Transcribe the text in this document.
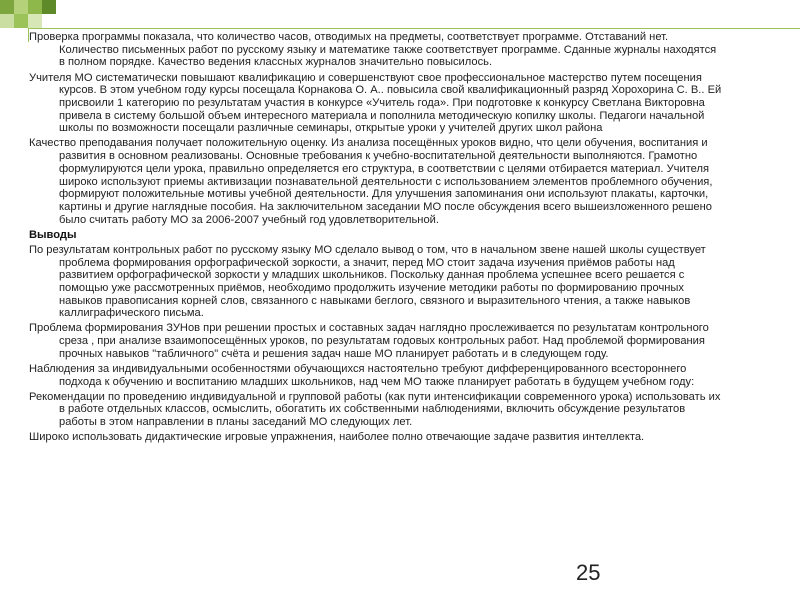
Проверка программы показала, что количество часов, отводимых на предметы, соответствует программе. Отставаний нет. Количество письменных работ по русскому языку и математике также соответствует программе. Сданные журналы находятся в полном порядке. Качество ведения классных журналов значительно повысилось.

Учителя МО систематически повышают квалификацию и совершенствуют свое профессиональное мастерство путем посещения курсов. В этом учебном году курсы посещала Корнакова О. А.. повысила свой квалификационный разряд Хорохорина С. В.. Ей присвоили 1 категорию по результатам участия в конкурсе «Учитель года». При подготовке к конкурсу Светлана Викторовна привела в систему большой объем интересного материала и пополнила методическую копилку школы. Педагоги начальной школы по возможности посещали различные семинары, открытые уроки у учителей других школ района

Качество преподавания получает положительную оценку. Из анализа посещённых уроков видно, что цели обучения, воспитания и развития в основном реализованы. Основные требования к учебно-воспитательной деятельности выполняются. Грамотно формулируются цели урока, правильно определяется его структура, в соответствии с целями отбирается материал. Учителя широко используют приемы активизации познавательной деятельности с использованием элементов проблемного обучения, формируют положительные мотивы учебной деятельности. Для улучшения запоминания они используют плакаты, карточки, картины и другие наглядные пособия. На заключительном заседании МО после обсуждения всего вышеизложенного решено было считать работу МО за 2006-2007 учебный год удовлетворительной.

Выводы

По результатам контрольных работ по русскому языку МО сделало вывод о том, что в начальном звене нашей школы существует проблема формирования орфографической зоркости, а значит, перед МО стоит задача изучения приёмов работы над развитием орфографической зоркости у младших школьников. Поскольку данная проблема успешнее всего решается с помощью уже рассмотренных приёмов, необходимо продолжить изучение методики работы по формированию прочных навыков правописания корней слов, связанного с навыками беглого, связного и выразительного чтения, а также навыков каллиграфического письма.

Проблема формирования ЗУНов при решении простых и составных задач наглядно прослеживается по результатам контрольного среза , при анализе взаимопосещённых уроков, по результатам годовых контрольных работ. Над проблемой формирования прочных навыков "табличного" счёта и решения задач наше МО планирует работать и в следующем году.

Наблюдения за индивидуальными особенностями обучающихся настоятельно требуют дифференцированного всестороннего подхода к обучению и воспитанию младших школьников, над чем МО также планирует работать в будущем учебном году:

Рекомендации по проведению индивидуальной и групповой работы (как пути интенсификации современного урока) использовать их в работе отдельных классов, осмыслить, обогатить их собственными наблюдениями, включить обсуждение результатов работы в этом направлении в планы заседаний МО следующих лет.

Широко использовать дидактические игровые упражнения, наиболее полно отвечающие задаче развития интеллекта.

25
